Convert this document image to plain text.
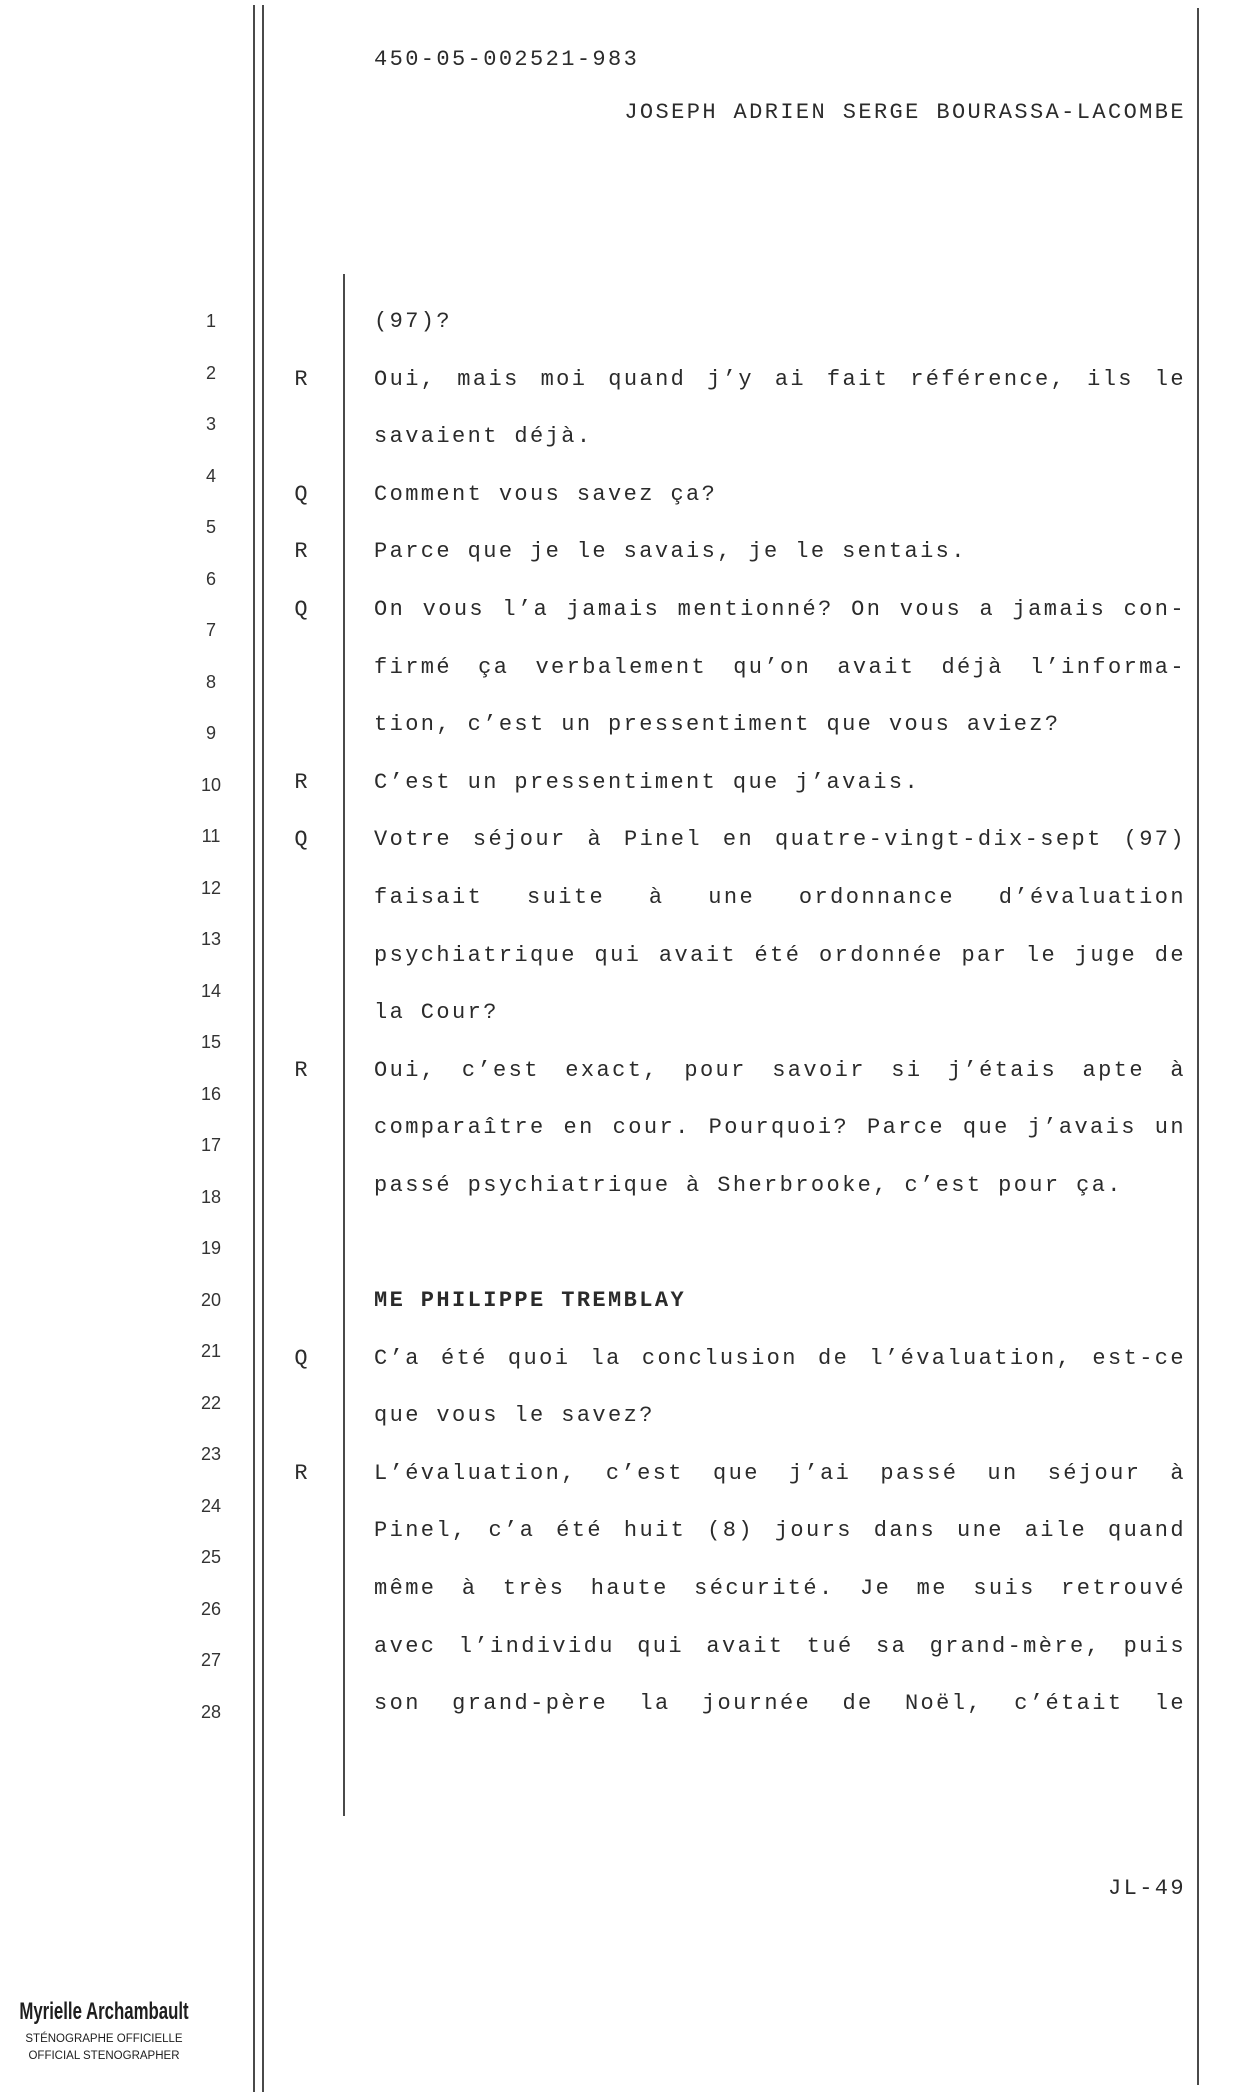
450-05-002521-983
JOSEPH ADRIEN SERGE BOURASSA-LACOMBE
1
2
3
4
5
6
7
8
9
10
11
12
13
14
15
16
17
18
19
20
21
22
23
24
25
26
27
28
(97)?
R	Oui, mais moi quand j’y ai fait référence, ils le
savaient déjà.
Q	Comment vous savez ça?
R	Parce que je le savais, je le sentais.
Q	On vous l’a jamais mentionné? On vous a jamais con-
firmé ça verbalement qu’on avait déjà l’informa-
tion, c’est un pressentiment que vous aviez?
R	C’est un pressentiment que j’avais.
Q	Votre séjour à Pinel en quatre-vingt-dix-sept (97)
faisait suite à une ordonnance d’évaluation
psychiatrique qui avait été ordonnée par le juge de
la Cour?
R	Oui, c’est exact, pour savoir si j’étais apte à
comparaître en cour. Pourquoi? Parce que j’avais un
passé psychiatrique à Sherbrooke, c’est pour ça.
ME PHILIPPE TREMBLAY
Q	C’a été quoi la conclusion de l’évaluation, est-ce
que vous le savez?
R	L’évaluation, c’est que j’ai passé un séjour à
Pinel, c’a été huit (8) jours dans une aile quand
même à très haute sécurité. Je me suis retrouvé
avec l’individu qui avait tué sa grand-mère, puis
son grand-père la journée de Noël, c’était le
JL-49
Myrielle Archambault
STÉNOGRAPHE OFFICIELLE
OFFICIAL STENOGRAPHER
